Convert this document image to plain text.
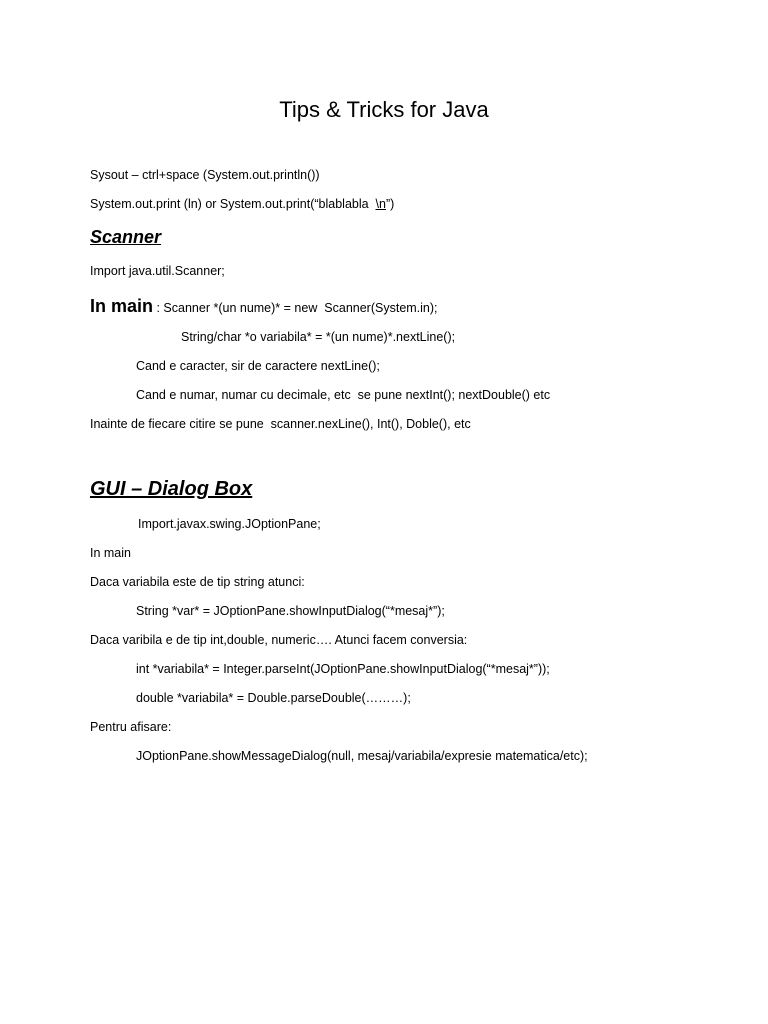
Tips & Tricks for Java
Sysout – ctrl+space (System.out.println())
System.out.print (ln) or System.out.print(“blablabla  \n”)
Scanner
Import java.util.Scanner;
In main : Scanner *(un nume)* = new  Scanner(System.in);
String/char *o variabila* = *(un nume)*.nextLine();
Cand e caracter, sir de caractere nextLine();
Cand e numar, numar cu decimale, etc  se pune nextInt(); nextDouble() etc
Inainte de fiecare citire se pune  scanner.nexLine(), Int(), Doble(), etc
GUI – Dialog Box
Import.javax.swing.JOptionPane;
In main
Daca variabila este de tip string atunci:
String *var* = JOptionPane.showInputDialog(“*mesaj*”);
Daca varibila e de tip int,double, numeric…. Atunci facem conversia:
int *variabila* = Integer.parseInt(JOptionPane.showInputDialog(“*mesaj*”));
double *variabila* = Double.parseDouble(………);
Pentru afisare:
JOptionPane.showMessageDialog(null, mesaj/variabila/expresie matematica/etc);
